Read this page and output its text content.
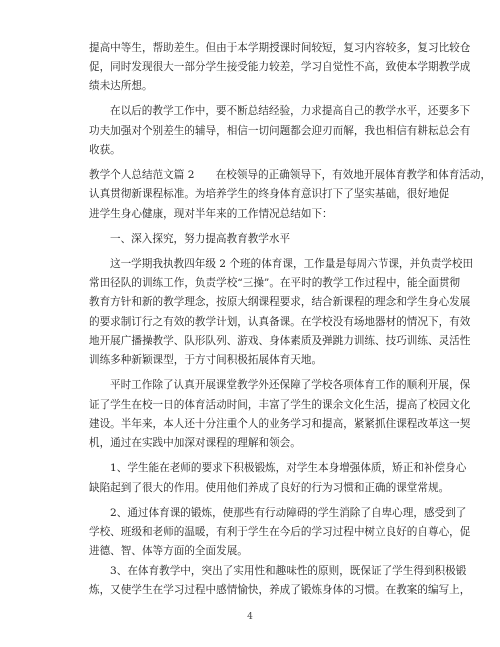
提高中等生，帮助差生。但由于本学期授课时间较短，复习内容较多，复习比较仓
促，同时发现很大一部分学生接受能力较差，学习自觉性不高，致使本学期教学成
绩未达所想。
在以后的教学工作中，要不断总结经验，力求提高自己的教学水平，还要多下
功夫加强对个别差生的辅导，相信一切问题都会迎刃而解，我也相信有耕耘总会有
收获。
教学个人总结范文篇 2　　在校领导的正确领导下，有效地开展体育教学和体育活动，
认真贯彻新课程标准。为培养学生的终身体育意识打下了坚实基础，很好地促
进学生身心健康，现对半年来的工作情况总结如下：
一、深入探究，努力提高教育教学水平
这一学期我执教四年级 2 个班的体育课，工作量是每周六节课，并负责学校田
常田径队的训练工作，负责学校“三操”。在平时的教学工作过程中，能全面贯彻
教育方针和新的教学理念，按原大纲课程要求，结合新课程的理念和学生身心发展
的要求制订行之有效的教学计划，认真备课。在学校没有场地器材的情况下，有效
地开展广播操教学、队形队列、游戏、身体素质及弹跳力训练、技巧训练、灵活性
训练多种新颖课型，于方寸间积极拓展体育天地。
平时工作除了认真开展课堂教学外还保障了学校各项体育工作的顺利开展，保
证了学生在校一日的体育活动时间，丰富了学生的课余文化生活，提高了校园文化
建设。半年来，本人还十分注重个人的业务学习和提高，紧紧抓住课程改革这一契
机，通过在实践中加深对课程的理解和领会。
1、学生能在老师的要求下积极锻炼，对学生本身增强体质，矫正和补偿身心
缺陷起到了很大的作用。使用他们养成了良好的行为习惯和正确的课堂常规。
2、通过体育课的锻炼，使那些有行动障碍的学生消除了自卑心理，感受到了
学校、班级和老师的温暖，有利于学生在今后的学习过程中树立良好的自尊心，促
进德、智、体等方面的全面发展。
3、在体育教学中，突出了实用性和趣味性的原则，既保证了学生得到积极锻
4
炼，又使学生在学习过程中感情愉快，养成了锻炼身体的习惯。在教案的编写上，
